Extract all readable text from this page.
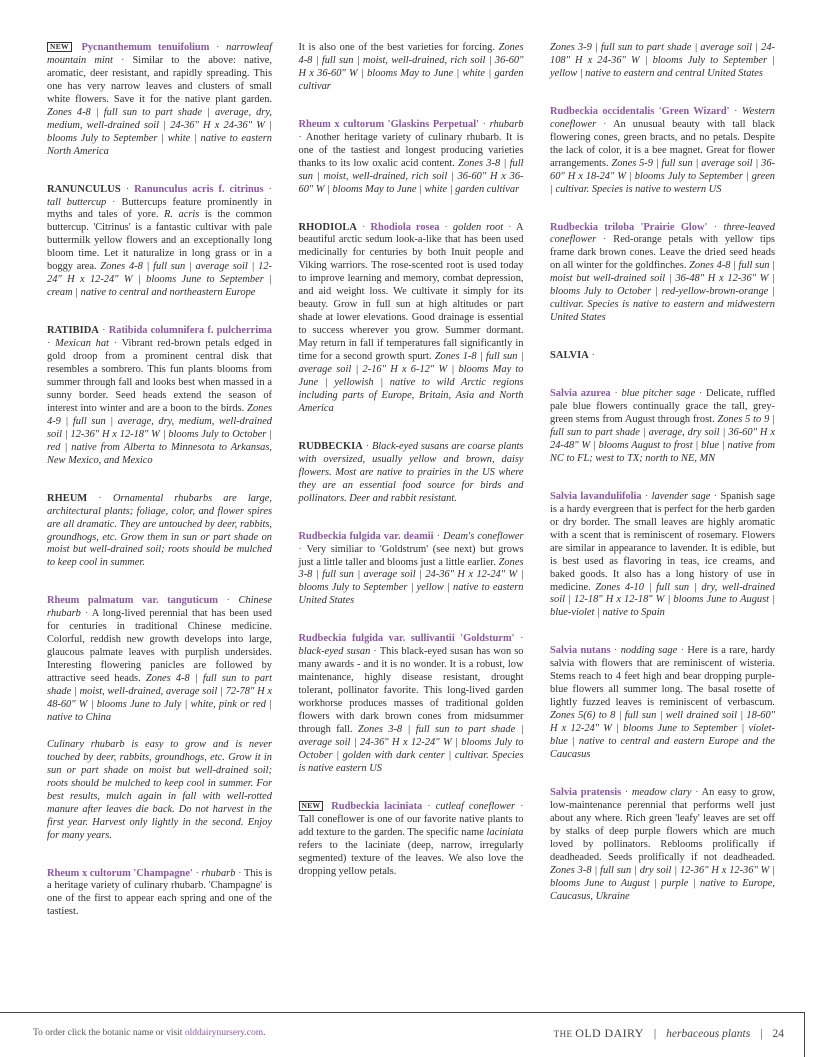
NEW Pycnanthemum tenuifolium · narrowleaf mountain mint · Similar to the above: native, aromatic, deer resistant, and rapidly spreading. This one has very narrow leaves and clusters of small white flowers. Save it for the native plant garden. Zones 4-8 | full sun to part shade | average, dry, medium, well-drained soil | 24-36" H x 24-36" W | blooms July to September | white | native to eastern North America

RANUNCULUS · Ranunculus acris f. citrinus · tall buttercup · Buttercups feature prominently in myths and tales of yore. R. acris is the common buttercup. 'Citrinus' is a fantastic cultivar with pale buttermilk yellow flowers and an exceptionally long bloom time. Let it naturalize in long grass or in a boggy area. Zones 4-8 | full sun | average soil | 12-24" H x 12-24" W | blooms June to September | cream | native to central and northeastern Europe

RATIBIDA · Ratibida columnifera f. pulcherrima · Mexican hat · Vibrant red-brown petals edged in gold droop from a prominent central disk that resembles a sombrero. This fun plants blooms from summer through fall and looks best when massed in a sunny border. Seed heads extend the season of interest into winter and are a boon to the birds. Zones 4-9 | full sun | average, dry, medium, well-drained soil | 12-36" H x 12-18" W | blooms July to October | red | native from Alberta to Minnesota to Arkansas, New Mexico, and Mexico

RHEUM · Ornamental rhubarbs are large, architectural plants; foliage, color, and flower spires are all dramatic. They are untouched by deer, rabbits, groundhogs, etc. Grow them in sun or part shade on moist but well-drained soil; roots should be mulched to keep cool in summer.

Rheum palmatum var. tanguticum · Chinese rhubarb · A long-lived perennial that has been used for centuries in traditional Chinese medicine. Colorful, reddish new growth develops into large, glaucous palmate leaves with purplish undersides. Interesting flowering panicles are followed by attractive seed heads. Zones 4-8 | full sun to part shade | moist, well-drained, average soil | 72-78" H x 48-60" W | blooms June to July | white, pink or red | native to China

Culinary rhubarb is easy to grow and is never touched by deer, rabbits, groundhogs, etc. Grow it in sun or part shade on moist but well-drained soil; roots should be mulched to keep cool in summer. For best results, mulch again in fall with well-rotted manure after leaves die back. Do not harvest in the first year. Harvest only lightly in the second. Enjoy for many years.

Rheum x cultorum 'Champagne' · rhubarb · This is a heritage variety of culinary rhubarb. 'Champagne' is one of the first to appear each spring and one of the tastiest.

It is also one of the best varieties for forcing. Zones 4-8 | full sun | moist, well-drained, rich soil | 36-60" H x 36-60" W | blooms May to June | white | garden cultivar

Rheum x cultorum 'Glaskins Perpetual' · rhubarb · Another heritage variety of culinary rhubarb. It is one of the tastiest and longest producing varieties thanks to its low oxalic acid content. Zones 3-8 | full sun | moist, well-drained, rich soil | 36-60" H x 36-60" W | blooms May to June | white | garden cultivar

RHODIOLA · Rhodiola rosea · golden root · A beautiful arctic sedum look-a-like that has been used medicinally for centuries by both Inuit people and Viking warriors. The rose-scented root is used today to improve learning and memory, combat depression, and aid weight loss. We cultivate it simply for its beauty. Grow in full sun at high altitudes or part shade at lower elevations. Good drainage is essential to success wherever you grow. Summer dormant. May return in fall if temperatures fall significantly in time for a second growth spurt. Zones 1-8 | full sun | average soil | 2-16" H x 6-12" W | blooms May to June | yellowish | native to wild Arctic regions including parts of Europe, Britain, Asia and North America

RUDBECKIA · Black-eyed susans are coarse plants with oversized, usually yellow and brown, daisy flowers. Most are native to prairies in the US where they are an essential food source for birds and pollinators. Deer and rabbit resistant.

Rudbeckia fulgida var. deamii · Deam's coneflower · Very similiar to 'Goldstrum' (see next) but grows just a little taller and blooms just a little earlier. Zones 3-8 | full sun | average soil | 24-36" H x 12-24" W | blooms July to September | yellow | native to eastern United States

Rudbeckia fulgida var. sullivantii 'Goldsturm' · black-eyed susan · This black-eyed susan has won so many awards - and it is no wonder. It is a robust, low maintenance, highly disease resistant, drought tolerant, pollinator favorite. This long-lived garden workhorse produces masses of traditional golden flowers with dark brown cones from midsummer through fall. Zones 3-8 | full sun to part shade | average soil | 24-36" H x 12-24" W | blooms July to October | golden with dark center | cultivar. Species is native eastern US

NEW Rudbeckia laciniata · cutleaf coneflower · Tall coneflower is one of our favorite native plants to add texture to the garden. The specific name laciniata refers to the laciniate (deep, narrow, irregularly segmented) texture of the leaves. We also love the dropping yellow petals.

Zones 3-9 | full sun to part shade | average soil | 24-108" H x 24-36" W | blooms July to September | yellow | native to eastern and central United States

Rudbeckia occidentalis 'Green Wizard' · Western coneflower · An unusual beauty with tall black flowering cones, green bracts, and no petals. Despite the lack of color, it is a bee magnet. Great for flower arrangements. Zones 5-9 | full sun | average soil | 36-60" H x 18-24" W | blooms July to September | green | cultivar. Species is native to western US

Rudbeckia triloba 'Prairie Glow' · three-leaved coneflower · Red-orange petals with yellow tips frame dark brown cones. Leave the dried seed heads on all winter for the goldfinches. Zones 4-8 | full sun | moist but well-drained soil | 36-48" H x 12-36" W | blooms July to October | red-yellow-brown-orange | cultivar. Species is native to eastern and midwestern United States

SALVIA ·

Salvia azurea · blue pitcher sage · Delicate, ruffled pale blue flowers continually grace the tall, grey-green stems from August through frost. Zones 5 to 9 | full sun to part shade | average, dry soil | 36-60" H x 24-48" W | blooms August to frost | blue | native from NC to FL; west to TX; north to NE, MN

Salvia lavandulifolia · lavender sage · Spanish sage is a hardy evergreen that is perfect for the herb garden or dry border. The small leaves are highly aromatic with a scent that is reminiscent of rosemary. Flowers are similar in appearance to lavender. It is edible, but is best used as flavoring in teas, ice creams, and baked goods. It also has a long history of use in medicine. Zones 4-10 | full sun | dry, well-drained soil | 12-18" H x 12-18" W | blooms June to August | blue-violet | native to Spain

Salvia nutans · nodding sage · Here is a rare, hardy salvia with flowers that are reminiscent of wisteria. Stems reach to 4 feet high and bear dropping purple-blue flowers all summer long. The basal rosette of lightly fuzzed leaves is reminiscent of verbascum. Zones 5(6) to 8 | full sun | well drained soil | 18-60" H x 12-24" W | blooms June to September | violet-blue | native to central and eastern Europe and the Caucasus

Salvia pratensis · meadow clary · An easy to grow, low-maintenance perennial that performs well just about any where. Rich green 'leafy' leaves are set off by stalks of deep purple flowers which are much loved by pollinators. Reblooms prolifically if deadheaded. Seeds prolifically if not deadheaded. Zones 3-8 | full sun | dry soil | 12-36" H x 12-36" W | blooms June to August | purple | native to Europe, Caucasus, Ukraine

To order click the botanic name or visit olddairynursery.com.	THE OLD DAIRY | herbaceous plants | 24
